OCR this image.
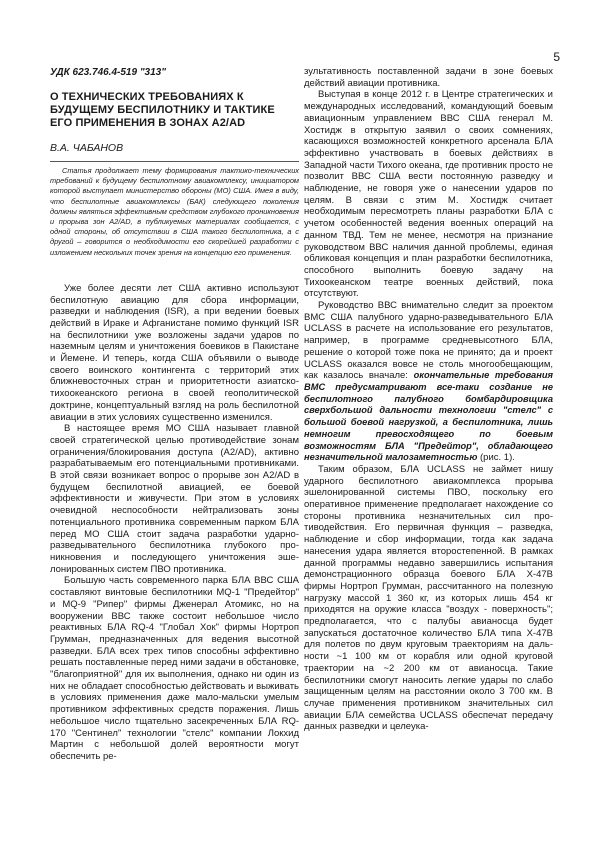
5

УДК 623.746.4-519 "313"

О ТЕХНИЧЕСКИХ ТРЕБОВАНИЯХ К БУДУЩЕМУ БЕСПИЛОТНИКУ И ТАКТИКЕ ЕГО ПРИМЕНЕНИЯ В ЗОНАХ А2/AD

В.А. ЧАБАНОВ

Статья продолжает тему формирования тактико-технических требований к будущему беспилотному авиакомплексу, инициатором которой выступает министерство обороны (МО) США. Имея в виду, что беспилотные авиакомплексы (БАК) следующего поколения должны являться эффективным средством глубокого проникновения и прорыва зон A2/AD, в публикуемых материалах сообщается, с одной стороны, об отсутствии в США такого беспилотника, а с другой – говорится о необходимости его скорейшей разработки с изложением нескольких точек зрения на концепцию его применения.

Уже более десяти лет США активно используют беспилотную авиацию для сбора информации, разведки и наблюдения (ISR), а при ведении боевых действий в Ираке и Афганистане помимо функций ISR на беспилотники уже возложены задачи ударов по наземным целям и уничтожения боевиков в Пакистане и Йемене. И теперь, когда США объявили о выводе своего воинского контингента с территорий этих ближневосточных стран и приоритетности азиатско-тихоокеанского региона в своей геополитической доктрине, концептуальный взгляд на роль беспилотной авиации в этих условиях существенно изменился.

В настоящее время МО США называет главной своей стратегической целью противодействие зонам ограничения/блокирования доступа (A2/AD), активно разрабатываемым его потенциальными противниками. В этой связи возникает вопрос о прорыве зон A2/AD в будущем беспилотной авиацией, ее боевой эффективности и живучести. При этом в условиях очевидной неспособности нейтрализовать зоны потенциального противника современным парком БЛА перед МО США стоит задача разработки ударно-разведывательного беспилотника глубокого проникновения и последующего уничтожения эшелонированных систем ПВО противника.

Большую часть современного парка БЛА ВВС США составляют винтовые беспилотники MQ-1 "Предейтор" и MQ-9 "Рипер" фирмы Дженерал Атомикс, но на вооружении ВВС также состоит небольшое число реактивных БЛА RQ-4 "Глобал Хок" фирмы Нортроп Грумман, предназначенных для ведения высотной разведки. БЛА всех трех типов способны эффективно решать поставленные перед ними задачи в обстановке, "благоприятной" для их выполнения, однако ни один из них не обладает способностью действовать и выживать в условиях применения даже мало-мальски умелым противником эффективных средств поражения. Лишь небольшое число тщательно засекреченных БЛА RQ-170 "Сентинел" технологии "стелс" компании Локхид Мартин с небольшой долей вероятности могут обеспечить ре-

зультативность поставленной задачи в зоне боевых действий авиации противника.

Выступая в конце 2012 г. в Центре стратегических и международных исследований, командующий боевым авиационным управлением ВВС США генерал М. Хостидж в открытую заявил о своих сомнениях, касающихся возможностей конкретного арсенала БЛА эффективно участвовать в боевых действиях в Западной части Тихого океана, где противник просто не позволит ВВС США вести постоянную разведку и наблюдение, не говоря уже о нанесении ударов по целям. В связи с этим М. Хостидж считает необходимым пересмотреть планы разработки БЛА с учетом особенностей ведения военных операций на данном ТВД. Тем не менее, несмотря на признание руководством ВВС наличия данной проблемы, единая обликовая концепция и план разработки беспилотника, способного выполнить боевую задачу на Тихоокеанском театре военных действий, пока отсутствуют.

Руководство ВВС внимательно следит за проектом ВМС США палубного ударно-разведывательного БЛА UCLASS в расчете на использование его результатов, например, в программе средневысотного БЛА, решение о которой тоже пока не принято; да и проект UCLASS оказался вовсе не столь многообещающим, как казалось вначале: окончательные требования ВМС предусматривают все-таки создание не беспилотного палубного бомбардировщика сверхбольшой дальности технологии "стелс" с большой боевой нагрузкой, а беспилотника, лишь немногим превосходящего по боевым возможностям БЛА "Предейтор", обладающего незначительной малозаметностью (рис. 1).

Таким образом, БЛА UCLASS не займет нишу ударного беспилотного авиакомплекса прорыва эшелонированной системы ПВО, поскольку его оперативное применение предполагает нахождение со стороны противника незначительных сил противодействия. Его первичная функция – разведка, наблюдение и сбор информации, тогда как задача нанесения удара является второстепенной. В рамках данной программы недавно завершились испытания демонстрационного образца боевого БЛА X-47B фирмы Нортроп Грумман, рассчитанного на полезную нагрузку массой 1 360 кг, из которых лишь 454 кг приходятся на оружие класса "воздух - поверхность"; предполагается, что с палубы авианосца будет запускаться достаточное количество БЛА типа X-47B для полетов по двум круговым траекториям на дальности ~1 100 км от корабля или одной круговой траектории на ~2 200 км от авианосца. Такие беспилотники смогут наносить легкие удары по слабо защищенным целям на расстоянии около 3 700 км. В случае применения противником значительных сил авиации БЛА семейства UCLASS обеспечат передачу данных разведки и целеука-
